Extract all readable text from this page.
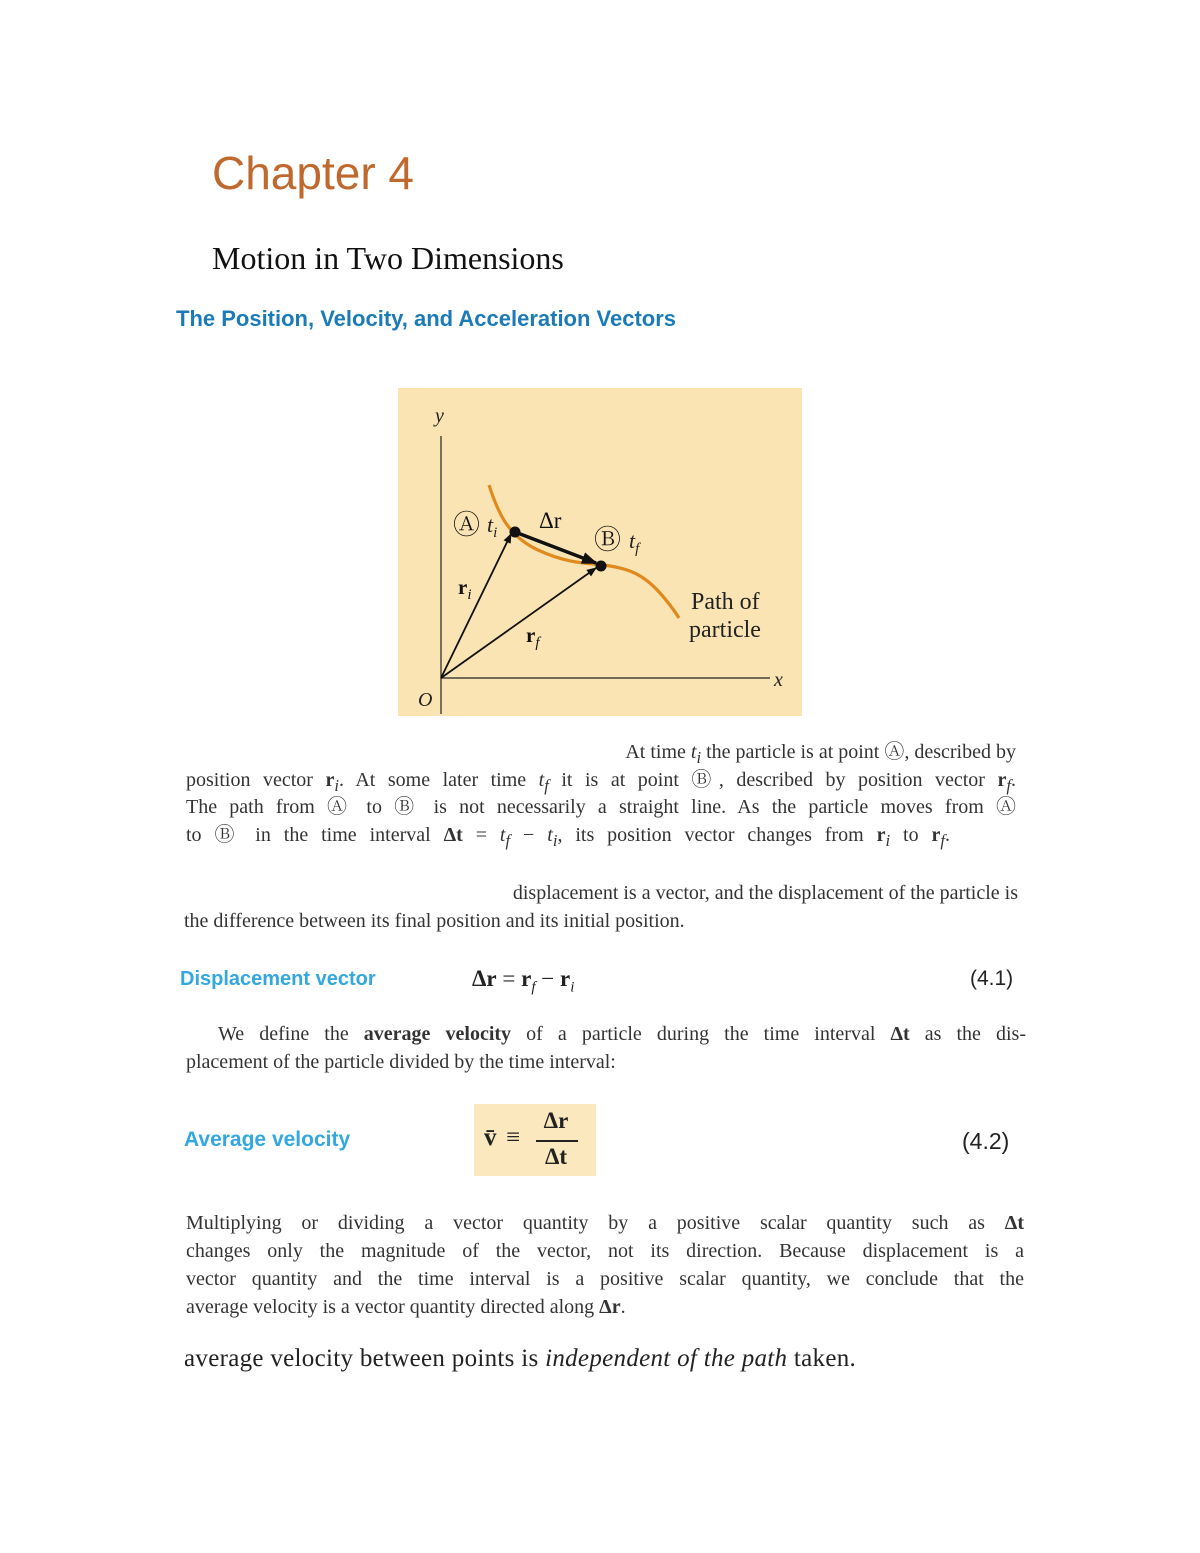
Chapter 4
Motion in Two Dimensions
The Position, Velocity, and Acceleration Vectors
y
x
O
Ⓐ $t_i$ Δr
Ⓑ $t_f$
$r_i$
$r_f$
Path of
particle

At time $t_i$ the particle is at point Ⓐ, described by

position vector $r_i$. At some later time $t_f$ it is at point Ⓑ, described by position vector $r_f$.

The path from Ⓐ to Ⓑ is not necessarily a straight line. As the particle moves from Ⓐ

to Ⓑ in the time interval $\Delta t = t_f - t_i$, its position vector changes from $r_i$ to $r_f$.

displacement is a vector, and the displacement of the particle is

the difference between its final position and its initial position.

Displacement vector	$\Delta r = r_f - r_i$	(4.1)

We define the average velocity of a particle during the time interval Δt as the dis-

placement of the particle divided by the time interval:

Average velocity	v̄ ≡
Δr
Δt

(4.2)

Multiplying or dividing a vector quantity by a positive scalar quantity such as Δt

changes only the magnitude of the vector, not its direction. Because displacement is a

vector quantity and the time interval is a positive scalar quantity, we conclude that the

average velocity is a vector quantity directed along Δr.

average velocity between points is independent of the path taken.
